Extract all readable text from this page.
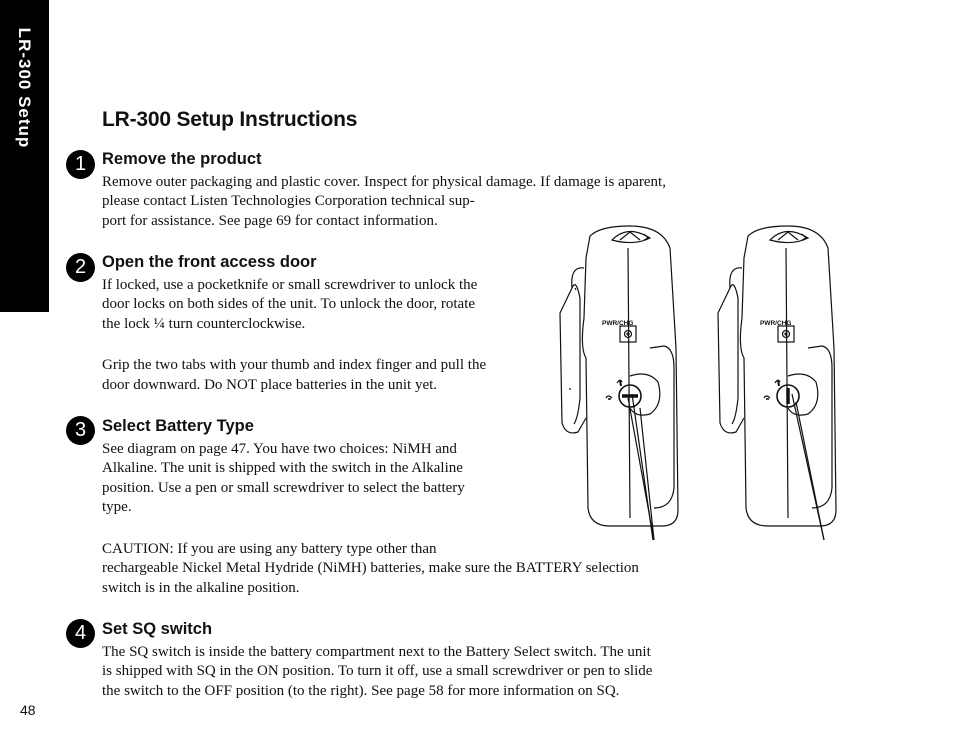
LR-300 Setup	LR-300 Setup Instructions
1 Remove the product
Remove outer packaging and plastic cover. Inspect for physical damage. If damage is aparent,
please contact Listen Technologies Corporation technical sup-
port for assistance. See page 69 for contact information.
2 Open the front access door
If locked, use a pocketknife or small screwdriver to unlock the
door locks on both sides of the unit. To unlock the door, rotate
the lock ¼ turn counterclockwise.
Grip the two tabs with your thumb and index finger and pull the
door downward. Do NOT place batteries in the unit yet.
3 Select Battery Type
See diagram on page 47. You have two choices: NiMH and
Alkaline. The unit is shipped with the switch in the Alkaline
position. Use a pen or small screwdriver to select the battery
type.
CAUTION: If you are using any battery type other than
rechargeable Nickel Metal Hydride (NiMH) batteries, make sure the BATTERY selection
switch is in the alkaline position.
4 Set SQ switch
The SQ switch is inside the battery compartment next to the Battery Select switch. The unit
is shipped with SQ in the ON position. To turn it off, use a small screwdriver or pen to slide
the switch to the OFF position (to the right). See page 58 for more information on SQ.
48
PWR/CHG	PWR/CHG
